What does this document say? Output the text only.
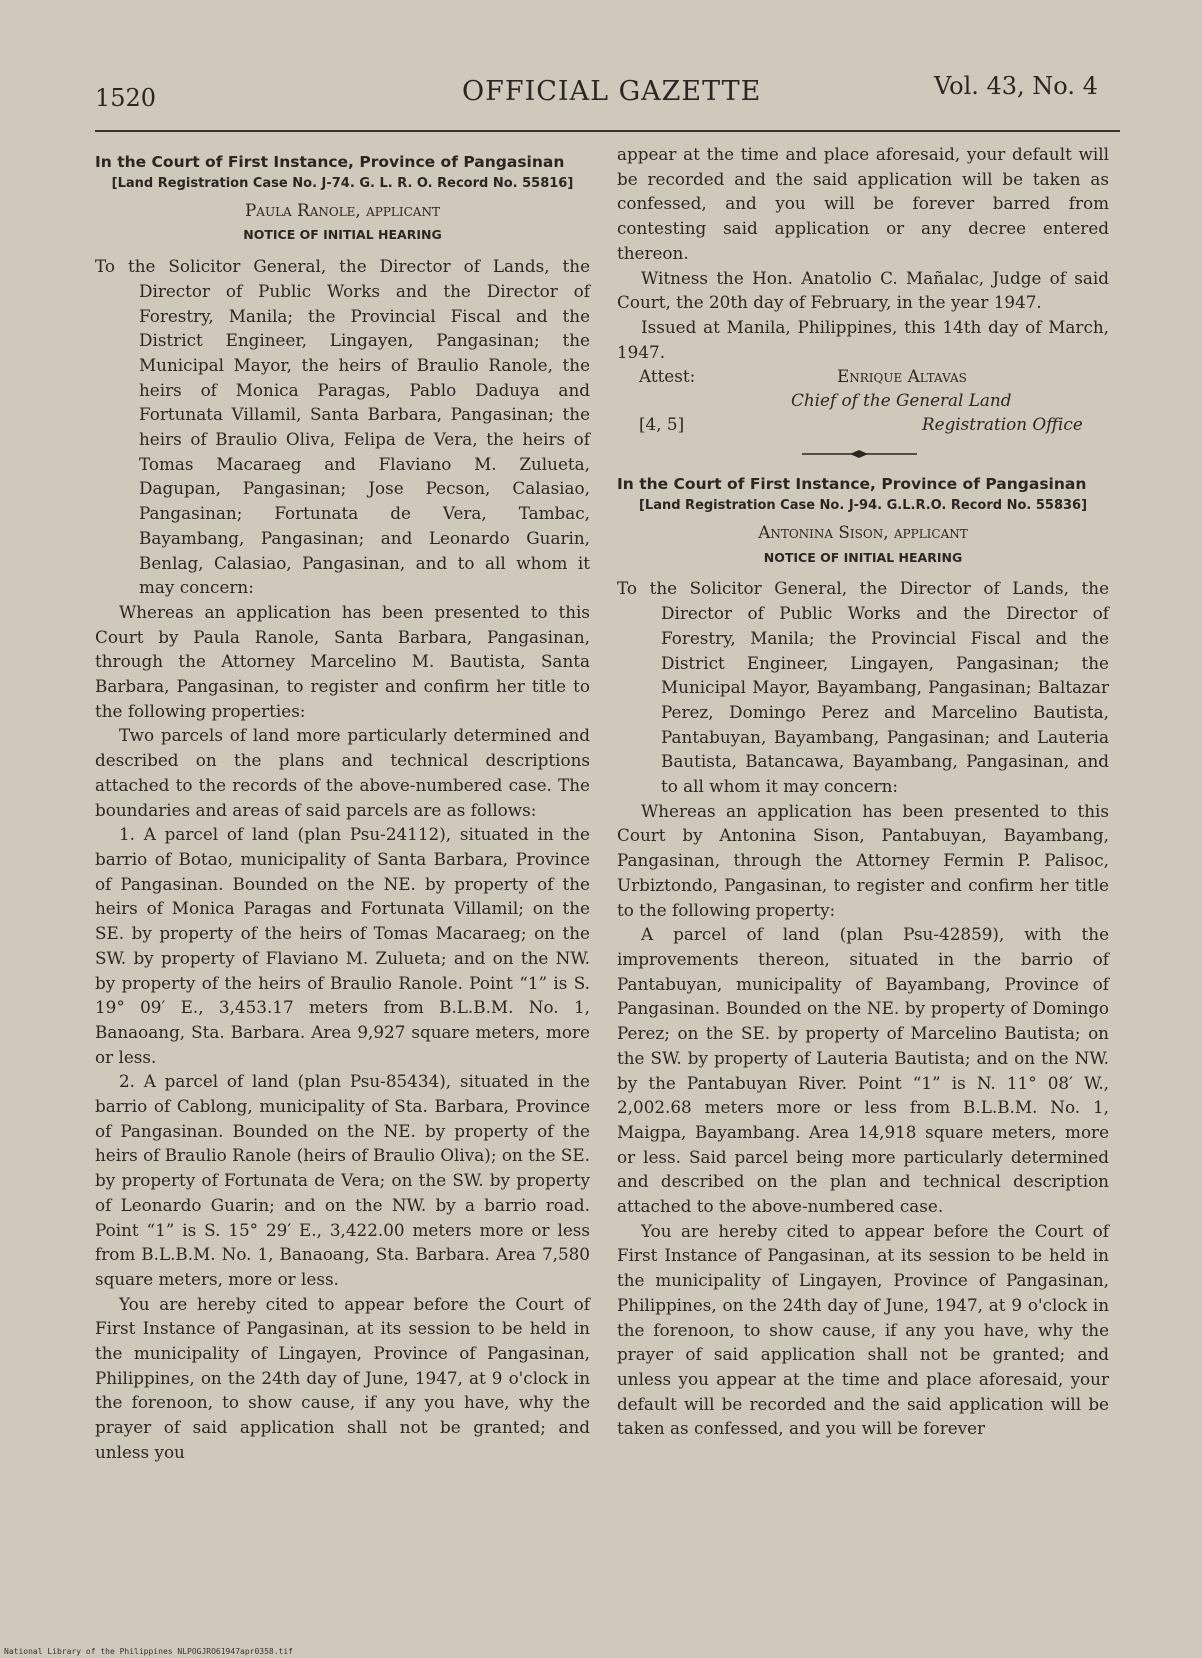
1520	OFFICIAL GAZETTE	Vol. 43, No. 4

In the Court of First Instance, Province of Pangasinan

[Land Registration Case No. J-74. G. L. R. O. Record No. 55816]
Paula Ranole, applicant
NOTICE OF INITIAL HEARING

To the Solicitor General, the Director of Lands, the Director of Public Works and the Director of Forestry, Manila; the Provincial Fiscal and the District Engineer, Lingayen, Pangasinan; the Municipal Mayor, the heirs of Braulio Ranole, the heirs of Monica Paragas, Pablo Daduya and Fortunata Villamil, Santa Barbara, Pangasinan; the heirs of Braulio Oliva, Felipa de Vera, the heirs of Tomas Macaraeg and Flaviano M. Zulueta, Dagupan, Pangasinan; Jose Pecson, Calasiao, Pangasinan; Fortunata de Vera, Tambac, Bayambang, Pangasinan; and Leonardo Guarin, Benlag, Calasiao, Pangasinan, and to all whom it may concern:

Whereas an application has been presented to this Court by Paula Ranole, Santa Barbara, Pangasinan, through the Attorney Marcelino M. Bautista, Santa Barbara, Pangasinan, to register and confirm her title to the following properties:

Two parcels of land more particularly determined and described on the plans and technical descriptions attached to the records of the above-numbered case. The boundaries and areas of said parcels are as follows:

1. A parcel of land (plan Psu-24112), situated in the barrio of Botao, municipality of Santa Barbara, Province of Pangasinan. Bounded on the NE. by property of the heirs of Monica Paragas and Fortunata Villamil; on the SE. by property of the heirs of Tomas Macaraeg; on the SW. by property of Flaviano M. Zulueta; and on the NW. by property of the heirs of Braulio Ranole. Point “1” is S. 19° 09′ E., 3,453.17 meters from B.L.B.M. No. 1, Banaoang, Sta. Barbara. Area 9,927 square meters, more or less.

2. A parcel of land (plan Psu-85434), situated in the barrio of Cablong, municipality of Sta. Barbara, Province of Pangasinan. Bounded on the NE. by property of the heirs of Braulio Ranole (heirs of Braulio Oliva); on the SE. by property of Fortunata de Vera; on the SW. by property of Leonardo Guarin; and on the NW. by a barrio road. Point “1” is S. 15° 29′ E., 3,422.00 meters more or less from B.L.B.M. No. 1, Banaoang, Sta. Barbara. Area 7,580 square meters, more or less.

You are hereby cited to appear before the Court of First Instance of Pangasinan, at its session to be held in the municipality of Lingayen, Province of Pangasinan, Philippines, on the 24th day of June, 1947, at 9 o'clock in the forenoon, to show cause, if any you have, why the prayer of said application shall not be granted; and unless you

appear at the time and place aforesaid, your default will be recorded and the said application will be taken as confessed, and you will be forever barred from contesting said application or any decree entered thereon.

Witness the Hon. Anatolio C. Mañalac, Judge of said Court, the 20th day of February, in the year 1947.

Issued at Manila, Philippines, this 14th day of March, 1947.

Attest:	Enrique Altavas
Chief of the General Land
Registration Office
[4, 5]

In the Court of First Instance, Province of Pangasinan

[Land Registration Case No. J-94. G.L.R.O. Record No. 55836]
Antonina Sison, applicant
NOTICE OF INITIAL HEARING

To the Solicitor General, the Director of Lands, the Director of Public Works and the Director of Forestry, Manila; the Provincial Fiscal and the District Engineer, Lingayen, Pangasinan; the Municipal Mayor, Bayambang, Pangasinan; Baltazar Perez, Domingo Perez and Marcelino Bautista, Pantabuyan, Bayambang, Pangasinan; and Lauteria Bautista, Batancawa, Bayambang, Pangasinan, and to all whom it may concern:

Whereas an application has been presented to this Court by Antonina Sison, Pantabuyan, Bayambang, Pangasinan, through the Attorney Fermin P. Palisoc, Urbiztondo, Pangasinan, to register and confirm her title to the following property:

A parcel of land (plan Psu-42859), with the improvements thereon, situated in the barrio of Pantabuyan, municipality of Bayambang, Province of Pangasinan. Bounded on the NE. by property of Domingo Perez; on the SE. by property of Marcelino Bautista; on the SW. by property of Lauteria Bautista; and on the NW. by the Pantabuyan River. Point “1” is N. 11° 08′ W., 2,002.68 meters more or less from B.L.B.M. No. 1, Maigpa, Bayambang. Area 14,918 square meters, more or less. Said parcel being more particularly determined and described on the plan and technical description attached to the above-numbered case.

You are hereby cited to appear before the Court of First Instance of Pangasinan, at its session to be held in the municipality of Lingayen, Province of Pangasinan, Philippines, on the 24th day of June, 1947, at 9 o'clock in the forenoon, to show cause, if any you have, why the prayer of said application shall not be granted; and unless you appear at the time and place aforesaid, your default will be recorded and the said application will be taken as confessed, and you will be forever

National Library of the Philippines NLPOGJRO61947apr0358.tif
